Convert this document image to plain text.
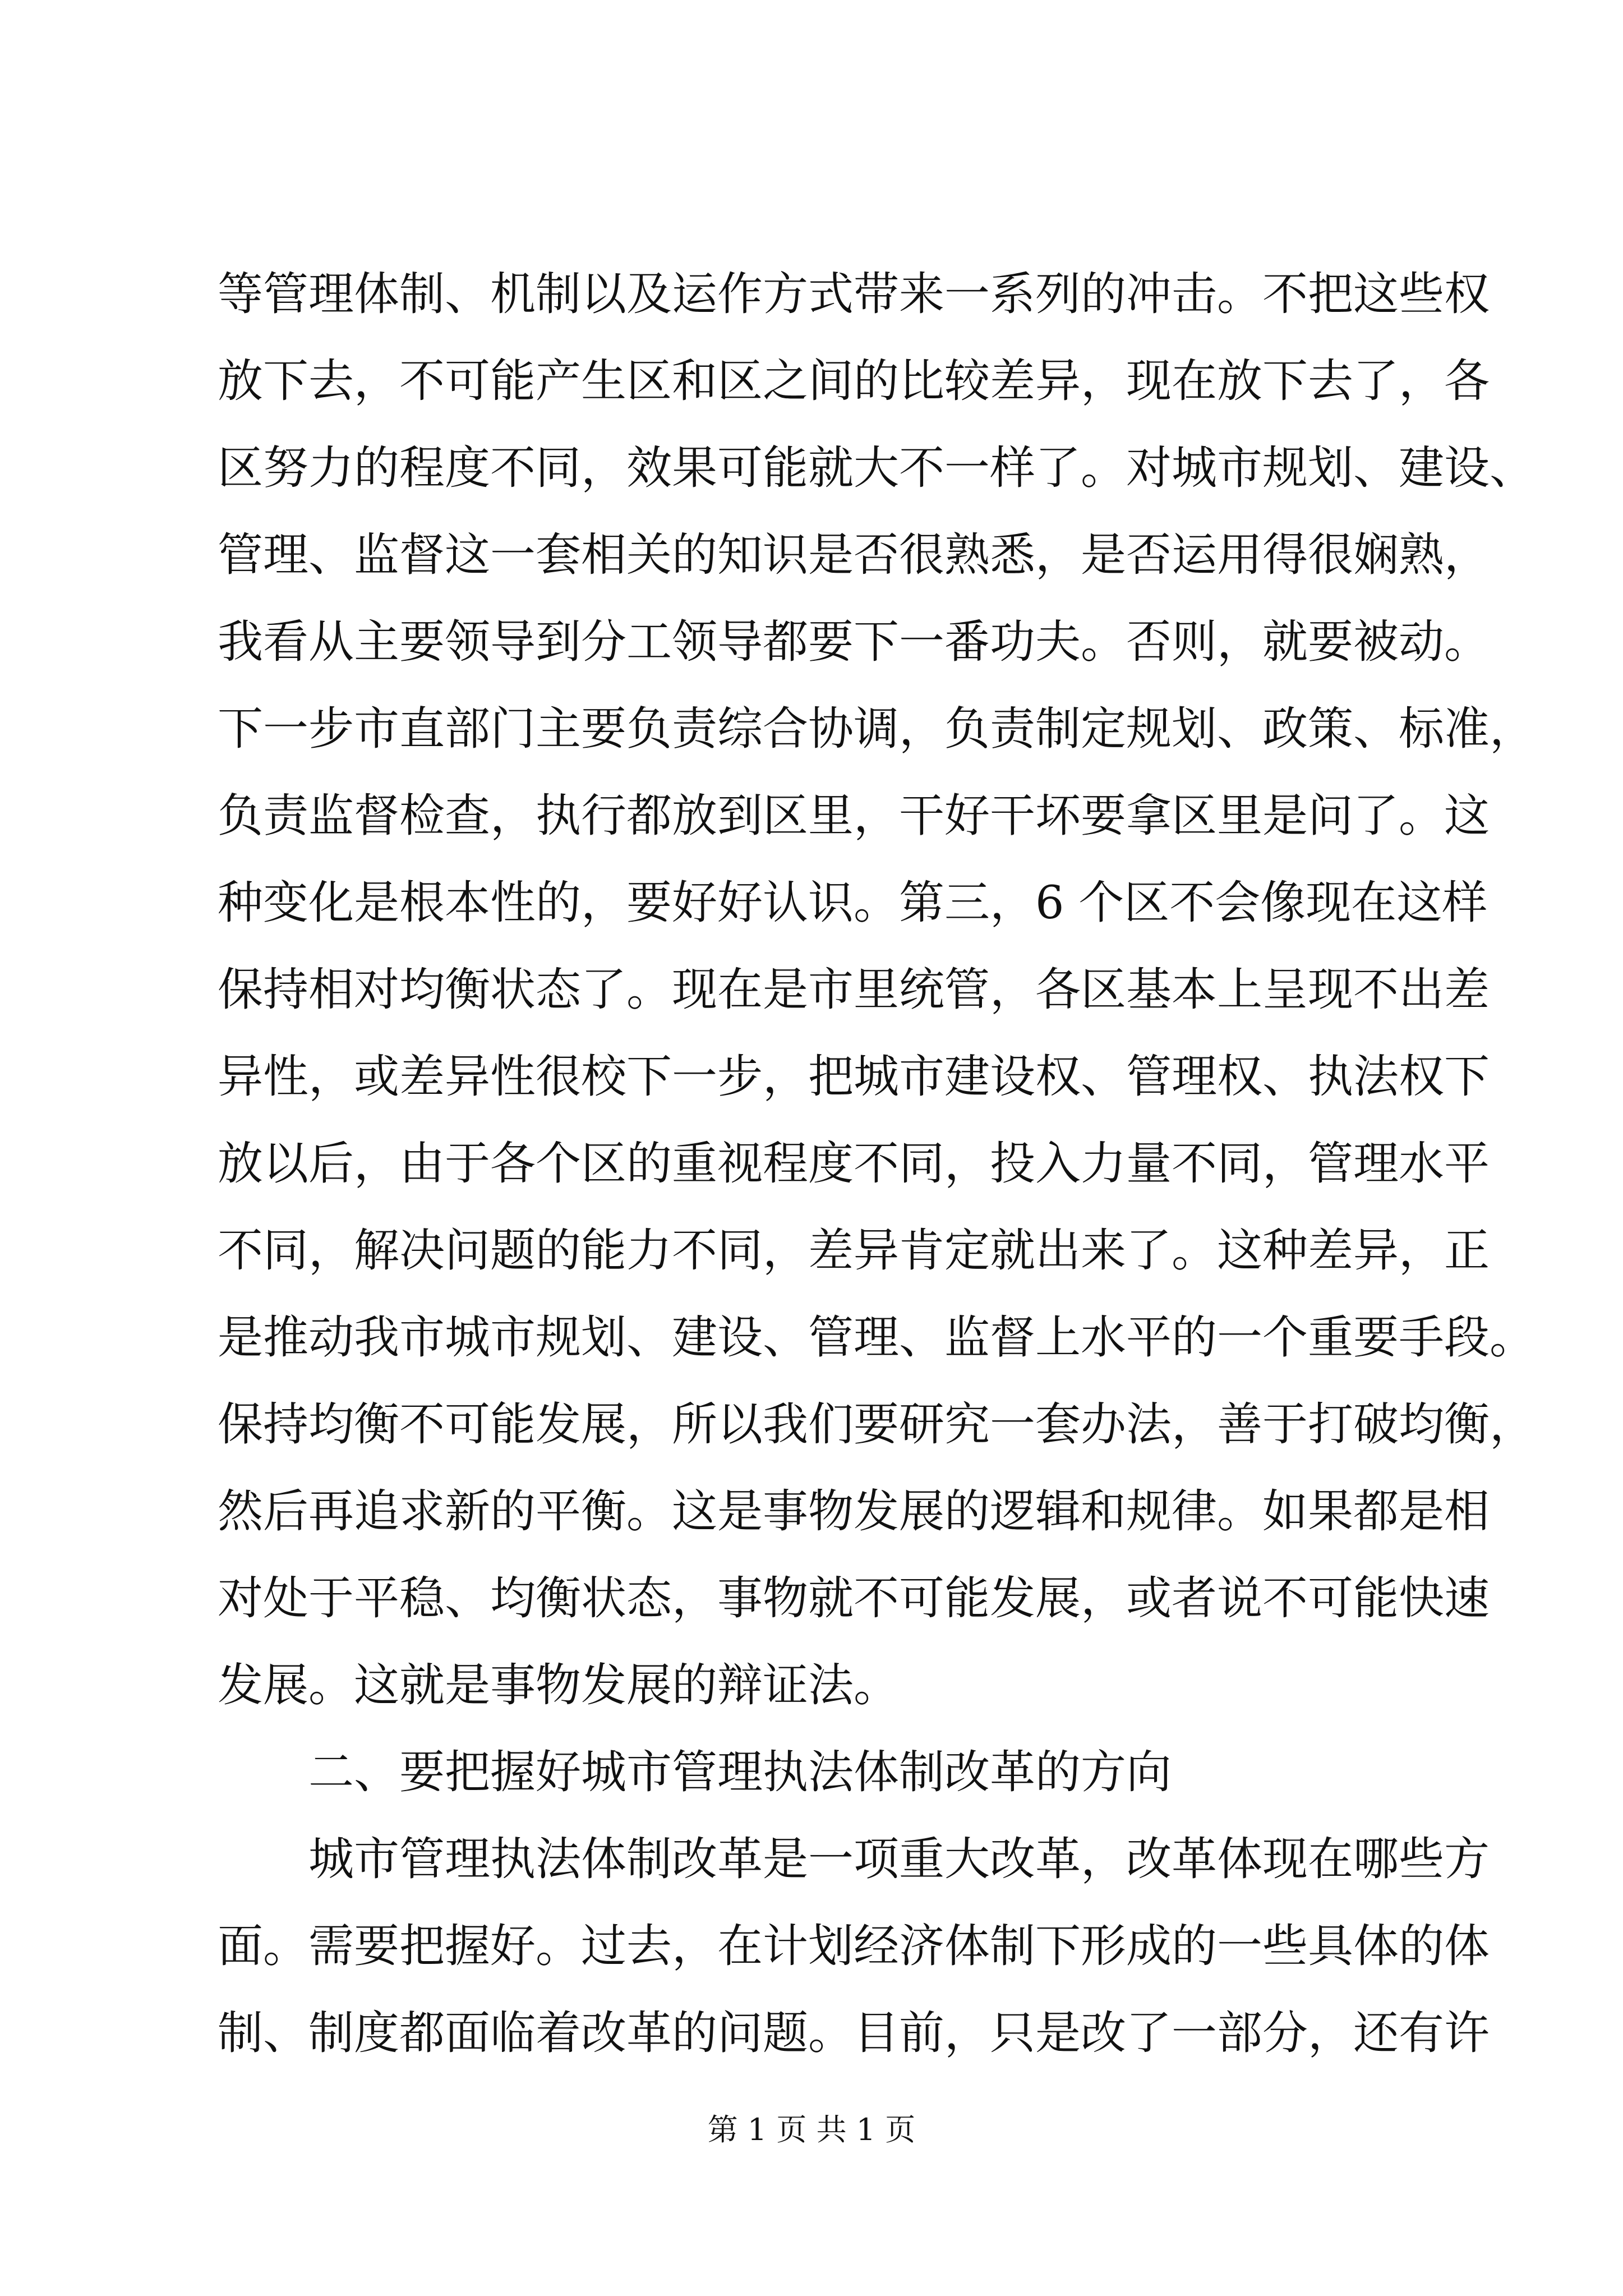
等管理体制、机制以及运作方式带来一系列的冲击。不把这些权
放下去，不可能产生区和区之间的比较差异，现在放下去了，各
区努力的程度不同，效果可能就大不一样了。对城市规划、建设、
管理、监督这一套相关的知识是否很熟悉，是否运用得很娴熟，
我看从主要领导到分工领导都要下一番功夫。否则，就要被动。
下一步市直部门主要负责综合协调，负责制定规划、政策、标准，
负责监督检查，执行都放到区里，干好干坏要拿区里是问了。这
种变化是根本性的，要好好认识。第三，6 个区不会像现在这样
保持相对均衡状态了。现在是市里统管，各区基本上呈现不出差
异性，或差异性很校下一步，把城市建设权、管理权、执法权下
放以后，由于各个区的重视程度不同，投入力量不同，管理水平
不同，解决问题的能力不同，差异肯定就出来了。这种差异，正
是推动我市城市规划、建设、管理、监督上水平的一个重要手段。
保持均衡不可能发展，所以我们要研究一套办法，善于打破均衡，
然后再追求新的平衡。这是事物发展的逻辑和规律。如果都是相
对处于平稳、均衡状态，事物就不可能发展，或者说不可能快速
发展。这就是事物发展的辩证法。
二、要把握好城市管理执法体制改革的方向
城市管理执法体制改革是一项重大改革，改革体现在哪些方
面。需要把握好。过去，在计划经济体制下形成的一些具体的体
制、制度都面临着改革的问题。目前，只是改了一部分，还有许
第 1 页 共 1 页
